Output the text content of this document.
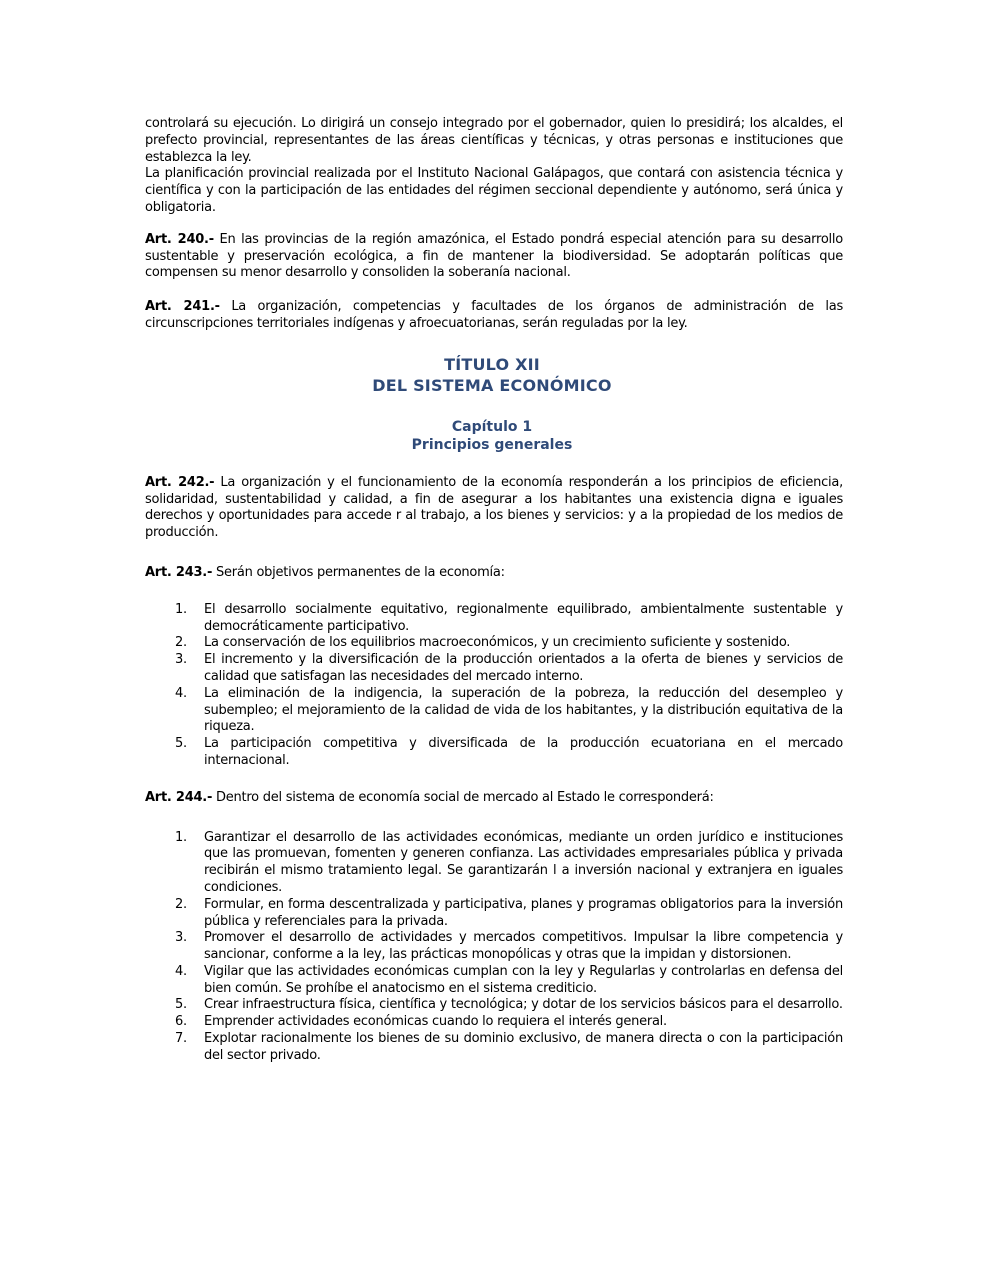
controlará su ejecución. Lo dirigirá un consejo integrado por el gobernador, quien lo presidirá; los alcaldes, el prefecto provincial, representantes de las áreas científicas y técnicas, y otras personas e instituciones que establezca la ley.

La planificación provincial realizada por el Instituto Nacional Galápagos, que contará con asistencia técnica y científica y con la participación de las entidades del régimen seccional dependiente y autónomo, será única y obligatoria.

Art. 240.- En las provincias de la región amazónica, el Estado pondrá especial atención para su desarrollo sustentable y preservación ecológica, a fin de mantener la biodiversidad. Se adoptarán políticas que compensen su menor desarrollo y consoliden la soberanía nacional.

Art. 241.- La organización, competencias y facultades de los órganos de administración de las circunscripciones territoriales indígenas y afroecuatorianas, serán reguladas por la ley.

TÍTULO XII
DEL SISTEMA ECONÓMICO
Capítulo 1
Principios generales

Art. 242.- La organización y el funcionamiento de la economía responderán a los principios de eficiencia, solidaridad, sustentabilidad y calidad, a fin de asegurar a los habitantes una existencia digna e iguales derechos y oportunidades para accede r al trabajo, a los bienes y servicios: y a la propiedad de los medios de producción.

Art. 243.- Serán objetivos permanentes de la economía:

1. El desarrollo socialmente equitativo, regionalmente equilibrado, ambientalmente sustentable y democráticamente participativo.
2. La conservación de los equilibrios macroeconómicos, y un crecimiento suficiente y sostenido.
3. El incremento y la diversificación de la producción orientados a la oferta de bienes y servicios de calidad que satisfagan las necesidades del mercado interno.
4. La eliminación de la indigencia, la superación de la pobreza, la reducción del desempleo y subempleo; el mejoramiento de la calidad de vida de los habitantes, y la distribución equitativa de la riqueza.
5. La participación competitiva y diversificada de la producción ecuatoriana en el mercado internacional.

Art. 244.- Dentro del sistema de economía social de mercado al Estado le corresponderá:

1. Garantizar el desarrollo de las actividades económicas, mediante un orden jurídico e instituciones que las promuevan, fomenten y generen confianza. Las actividades empresariales pública y privada recibirán el mismo tratamiento legal. Se garantizarán l a inversión nacional y extranjera en iguales condiciones.
2. Formular, en forma descentralizada y participativa, planes y programas obligatorios para la inversión pública y referenciales para la privada.
3. Promover el desarrollo de actividades y mercados competitivos. Impulsar la libre competencia y sancionar, conforme a la ley, las prácticas monopólicas y otras que la impidan y distorsionen.
4. Vigilar que las actividades económicas cumplan con la ley y Regularlas y controlarlas en defensa del bien común. Se prohíbe el anatocismo en el sistema crediticio.
5. Crear infraestructura física, científica y tecnológica; y dotar de los servicios básicos para el desarrollo.
6. Emprender actividades económicas cuando lo requiera el interés general.
7. Explotar racionalmente los bienes de su dominio exclusivo, de manera directa o con la participación del sector privado.
